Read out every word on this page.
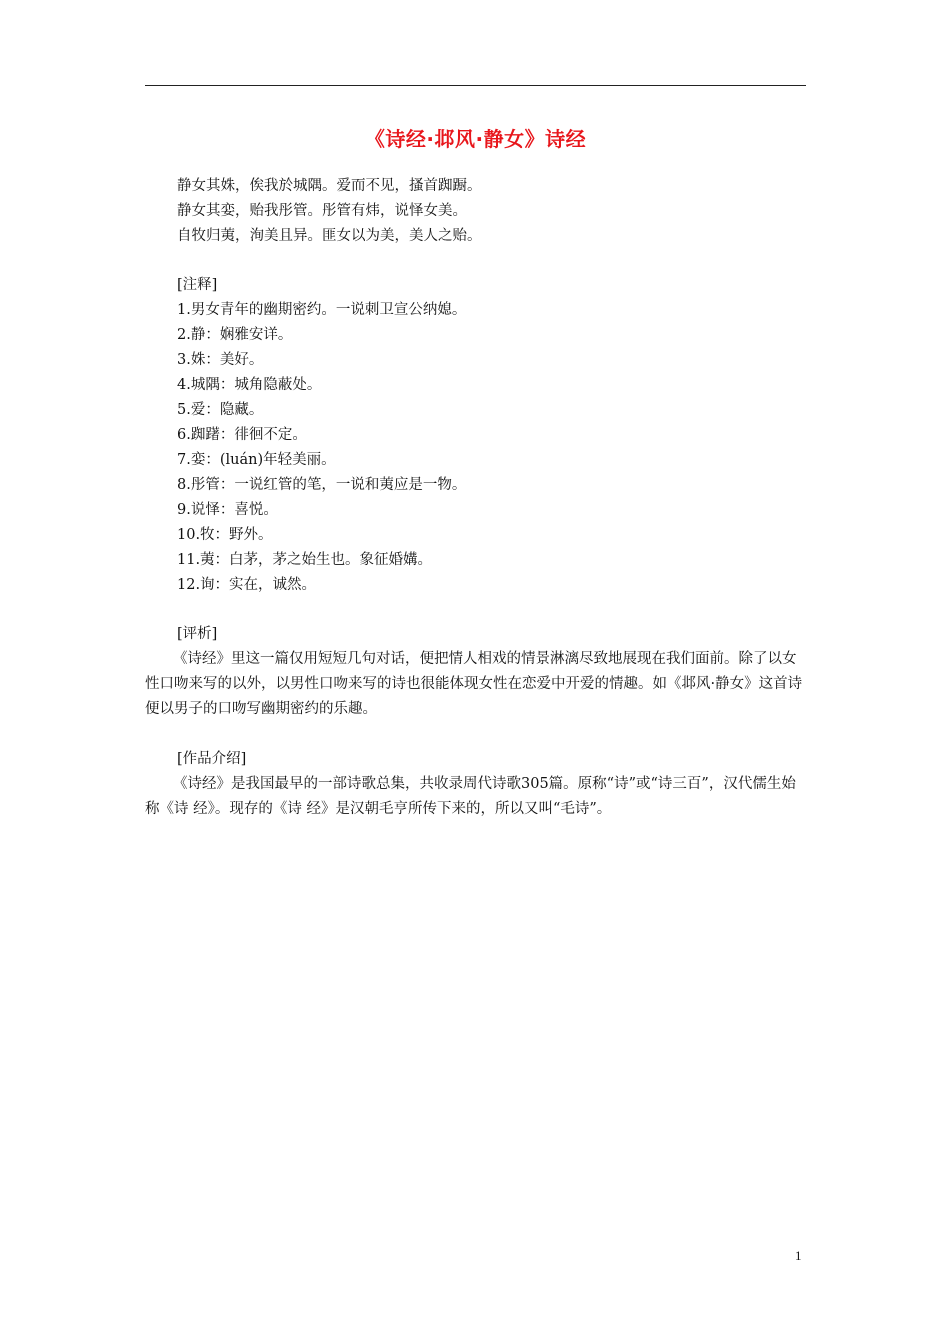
《诗经·邶风·静女》诗经
静女其姝，俟我於城隅。爱而不见，搔首踟蹰。
静女其娈，贻我彤管。彤管有炜，说怿女美。
自牧归荑，洵美且异。匪女以为美，美人之贻。
[注释]
1.男女青年的幽期密约。一说刺卫宣公纳媳。
2.静：娴雅安详。
3.姝：美好。
4.城隅：城角隐蔽处。
5.爱：隐藏。
6.踟躇：徘徊不定。
7.娈：(luán)年轻美丽。
8.彤管：一说红管的笔，一说和荑应是一物。
9.说怿：喜悦。
10.牧：野外。
11.荑：白茅，茅之始生也。象征婚媾。
12.询：实在，诚然。
[评析]
《诗经》里这一篇仅用短短几句对话，便把情人相戏的情景淋漓尽致地展现在我们面前。除了以女性口吻来写的以外，以男性口吻来写的诗也很能体现女性在恋爱中开爱的情趣。如《邶风·静女》这首诗便以男子的口吻写幽期密约的乐趣。
[作品介绍]
《诗经》是我国最早的一部诗歌总集，共收录周代诗歌305篇。原称“诗”或“诗三百”，汉代儒生始称《诗 经》。现存的《诗 经》是汉朝毛亨所传下来的，所以又叫“毛诗”。
1
